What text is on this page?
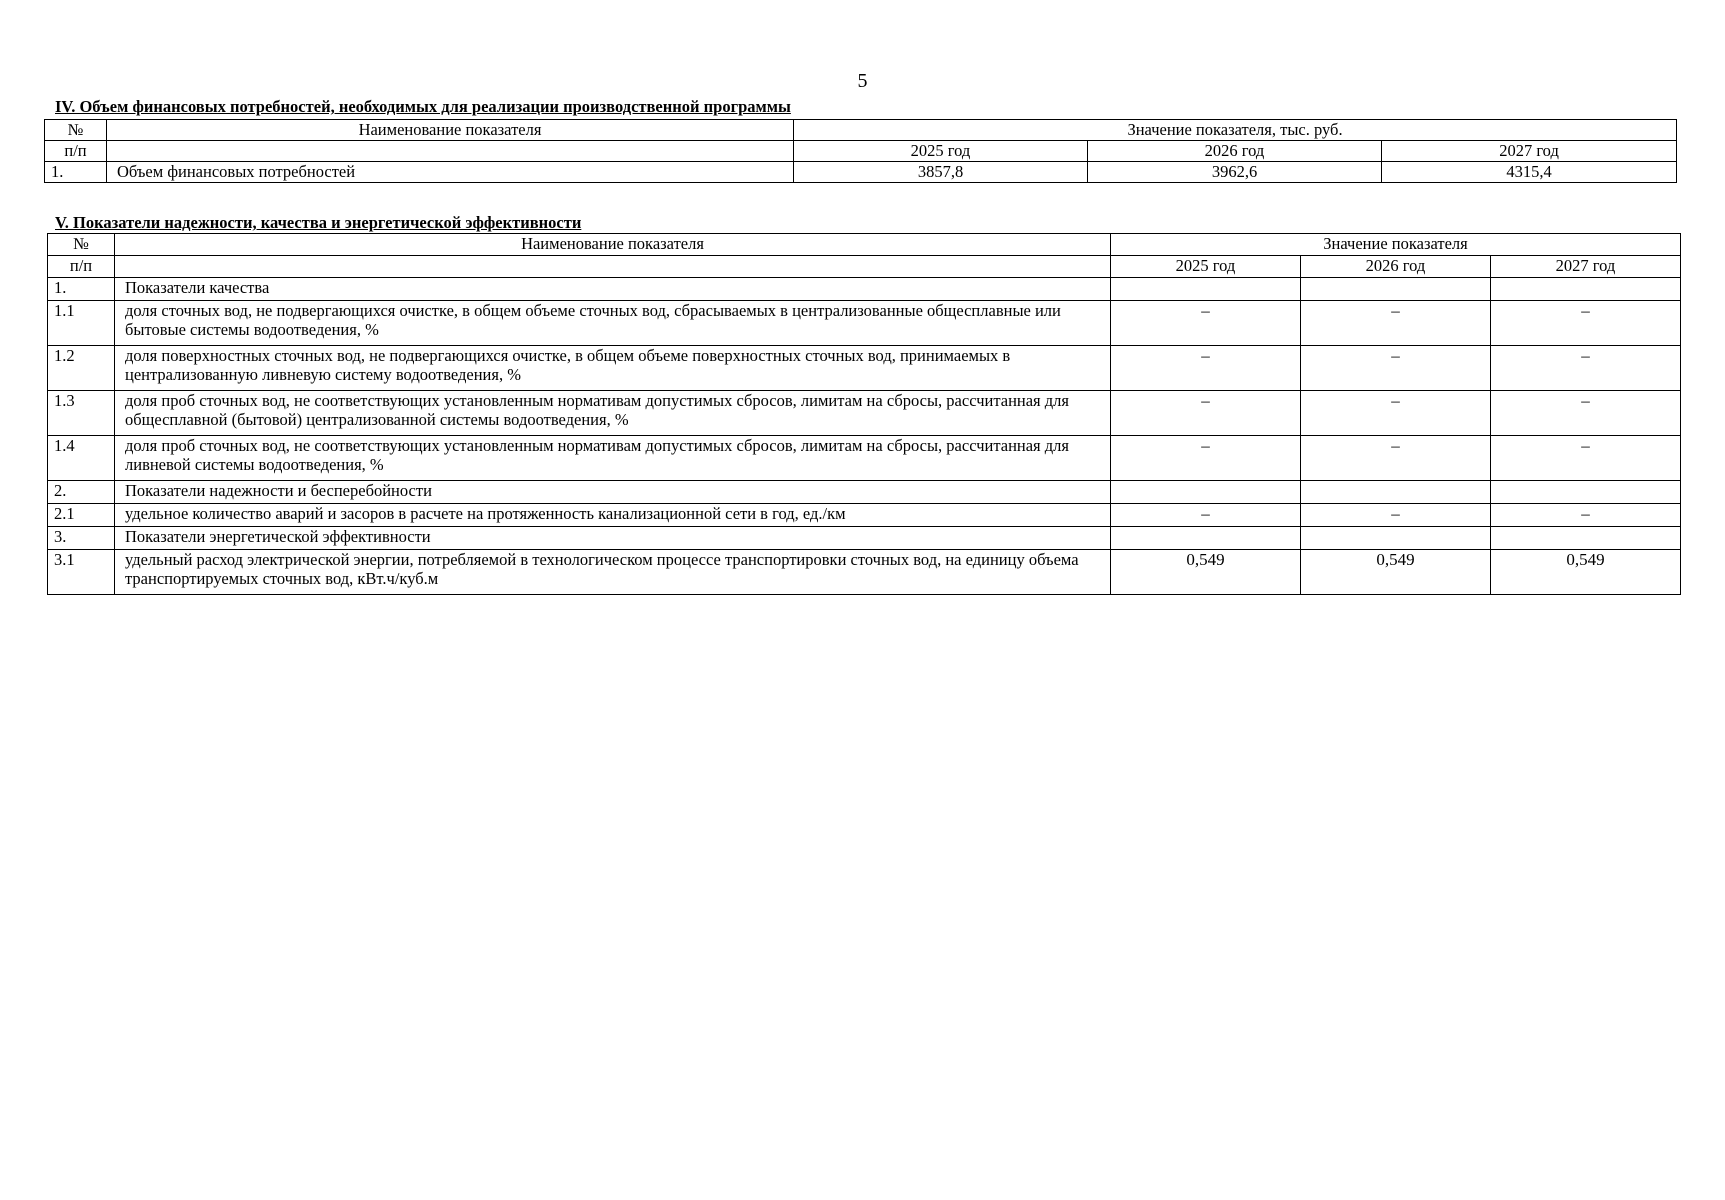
5
IV. Объем финансовых потребностей, необходимых для реализации производственной программы
№	Наименование показателя	Значение показателя, тыс. руб.		
п/п		2025 год	2026 год	2027 год
1.	Объем финансовых потребностей	3857,8	3962,6	4315,4
V. Показатели надежности, качества и энергетической эффективности
№	Наименование показателя	Значение показателя		
п/п		2025 год	2026 год	2027 год
1.	Показатели качества			
1.1	доля сточных вод, не подвергающихся очистке, в общем объеме сточных вод, сбрасываемых в централизованные общесплавные или бытовые системы водоотведения, %	–	–	–
1.2	доля поверхностных сточных вод, не подвергающихся очистке, в общем объеме поверхностных сточных вод, принимаемых в централизованную ливневую систему водоотведения, %	–	–	–
1.3	доля проб сточных вод, не соответствующих установленным нормативам допустимых сбросов, лимитам на сбросы, рассчитанная для общесплавной (бытовой) централизованной системы водоотведения, %	–	–	–
1.4	доля проб сточных вод, не соответствующих установленным нормативам допустимых сбросов, лимитам на сбросы, рассчитанная для ливневой системы водоотведения, %	–	–	–
2.	Показатели надежности и бесперебойности			
2.1	удельное количество аварий и засоров в расчете на протяженность канализационной сети в год, ед./км	–	–	–
3.	Показатели энергетической эффективности			
3.1	удельный расход электрической энергии, потребляемой в технологическом процессе транспортировки сточных вод, на единицу объема транспортируемых сточных вод, кВт.ч/куб.м	0,549	0,549	0,549
